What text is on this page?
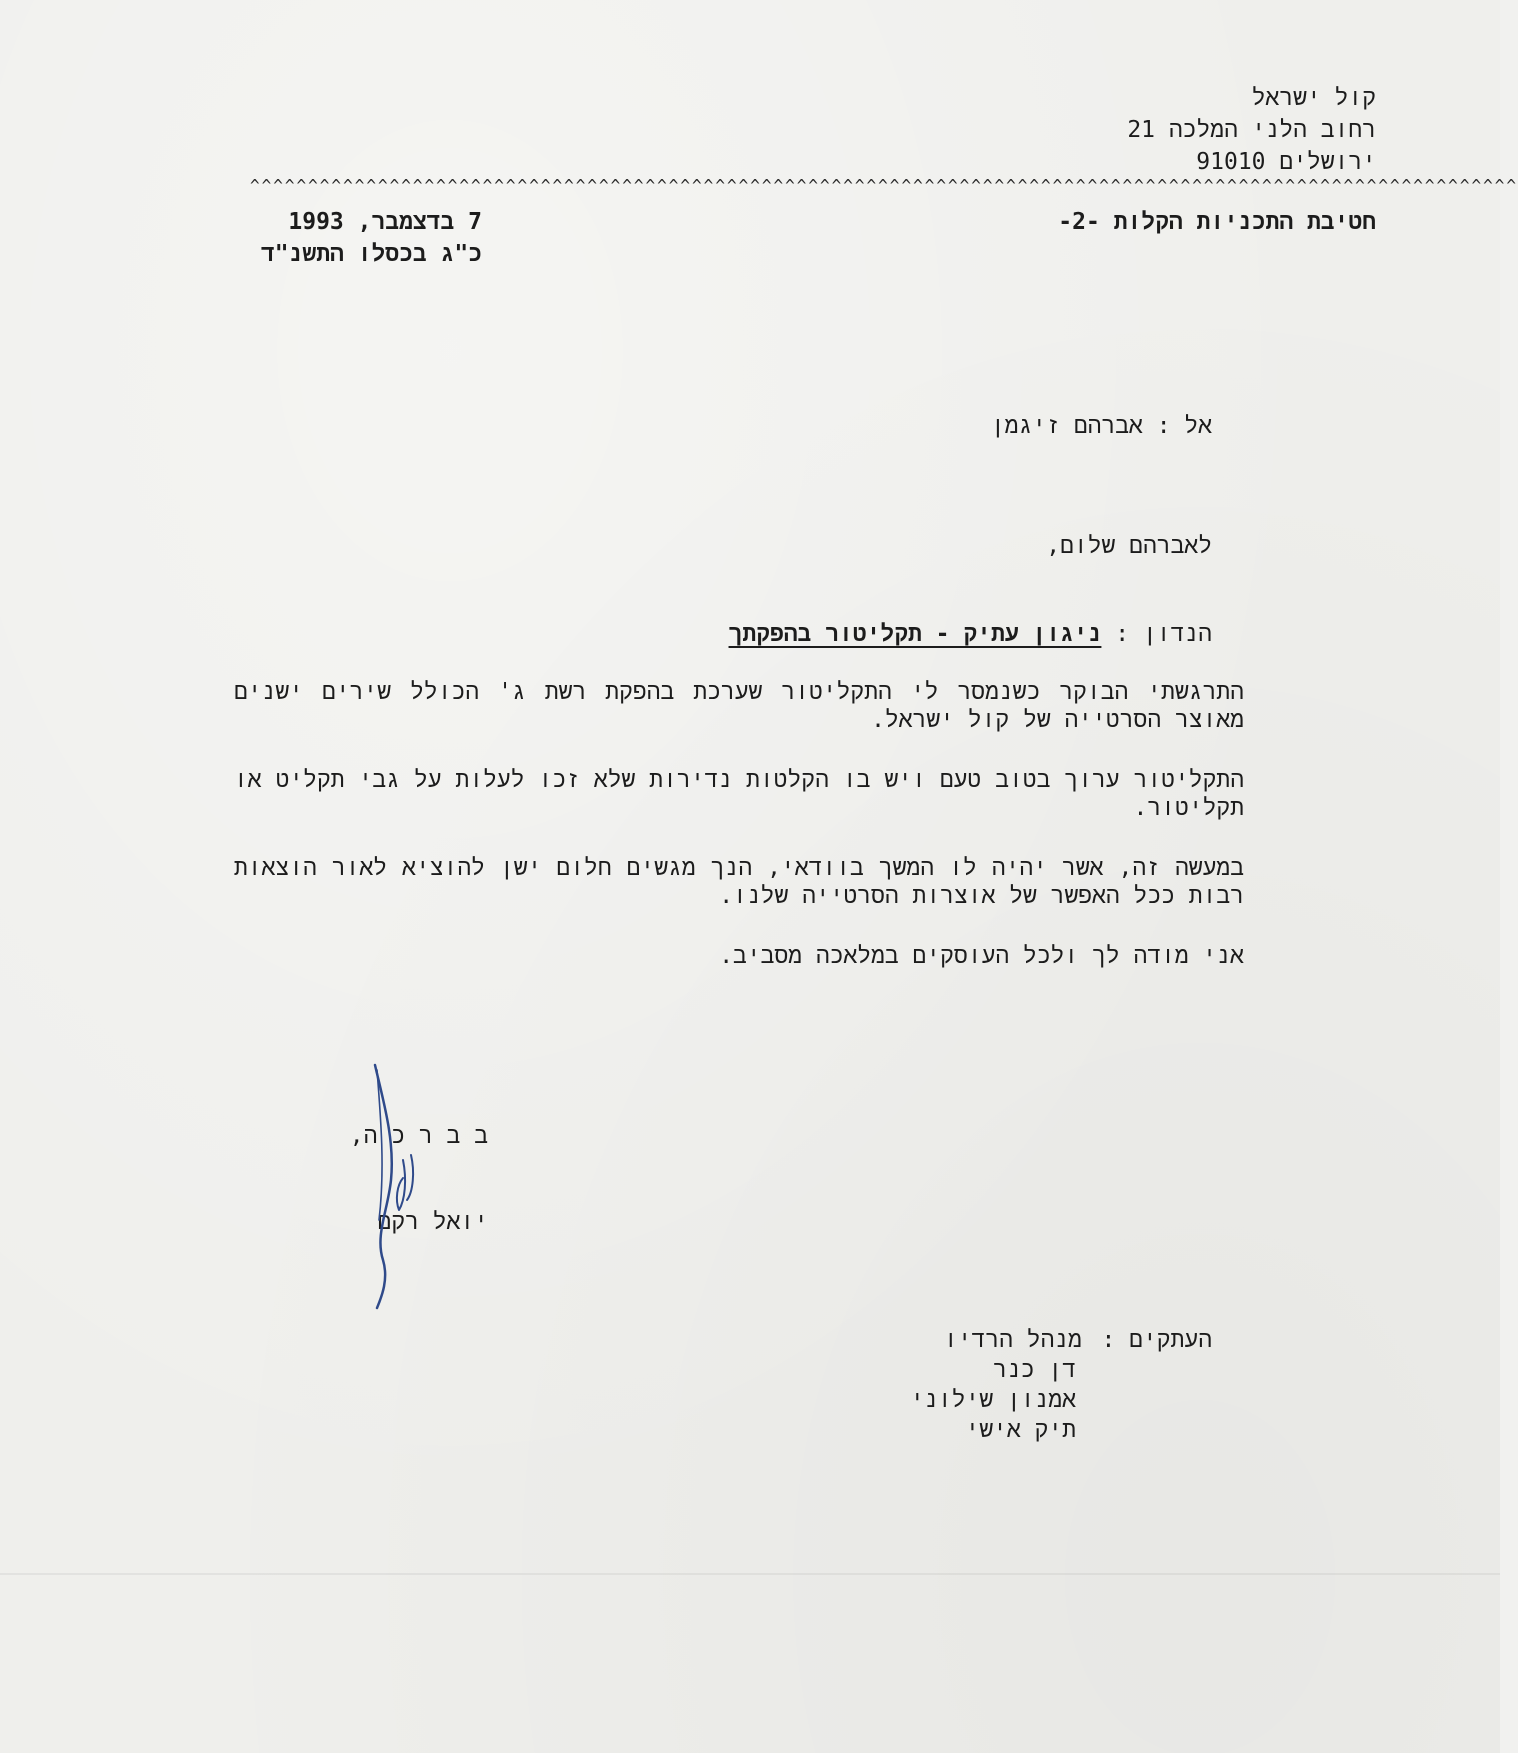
קול ישראל
רחוב הלני המלכה 21
ירושלים 91010
^^^^^^^^^^^^^^^^^^^^^^^^^^^^^^^^^^^^^^^^^^^^^^^^^^^^^^^^^^^^^^^^^^^^^^^^^^^^^^^^^^^^^^^^^^^^^^^^^^^^^^^^^^^^^
חטיבת התכניות הקלות -2-
7 בדצמבר, 1993
כ"ג בכסלו התשנ"ד
אל : אברהם זיגמן
לאברהם שלום,
הנדון : ניגון עתיק - תקליטור בהפקתך
התרגשתי הבוקר כשנמסר לי התקליטור שערכת בהפקת רשת ג' הכולל שירים ישנים מאוצר הסרטייה של קול ישראל.
התקליטור ערוך בטוב טעם ויש בו הקלטות נדירות שלא זכו לעלות על גבי תקליט או תקליטור.
במעשה זה, אשר יהיה לו המשך בוודאי, הנך מגשים חלום ישן להוציא לאור הוצאות רבות ככל האפשר של אוצרות הסרטייה שלנו.
אני מודה לך ולכל העוסקים במלאכה מסביב.
ב ב ר כ ה,
יואל רקם
העתקים :
מנהל הרדיו
דן כנר
אמנון שילוני
תיק אישי
